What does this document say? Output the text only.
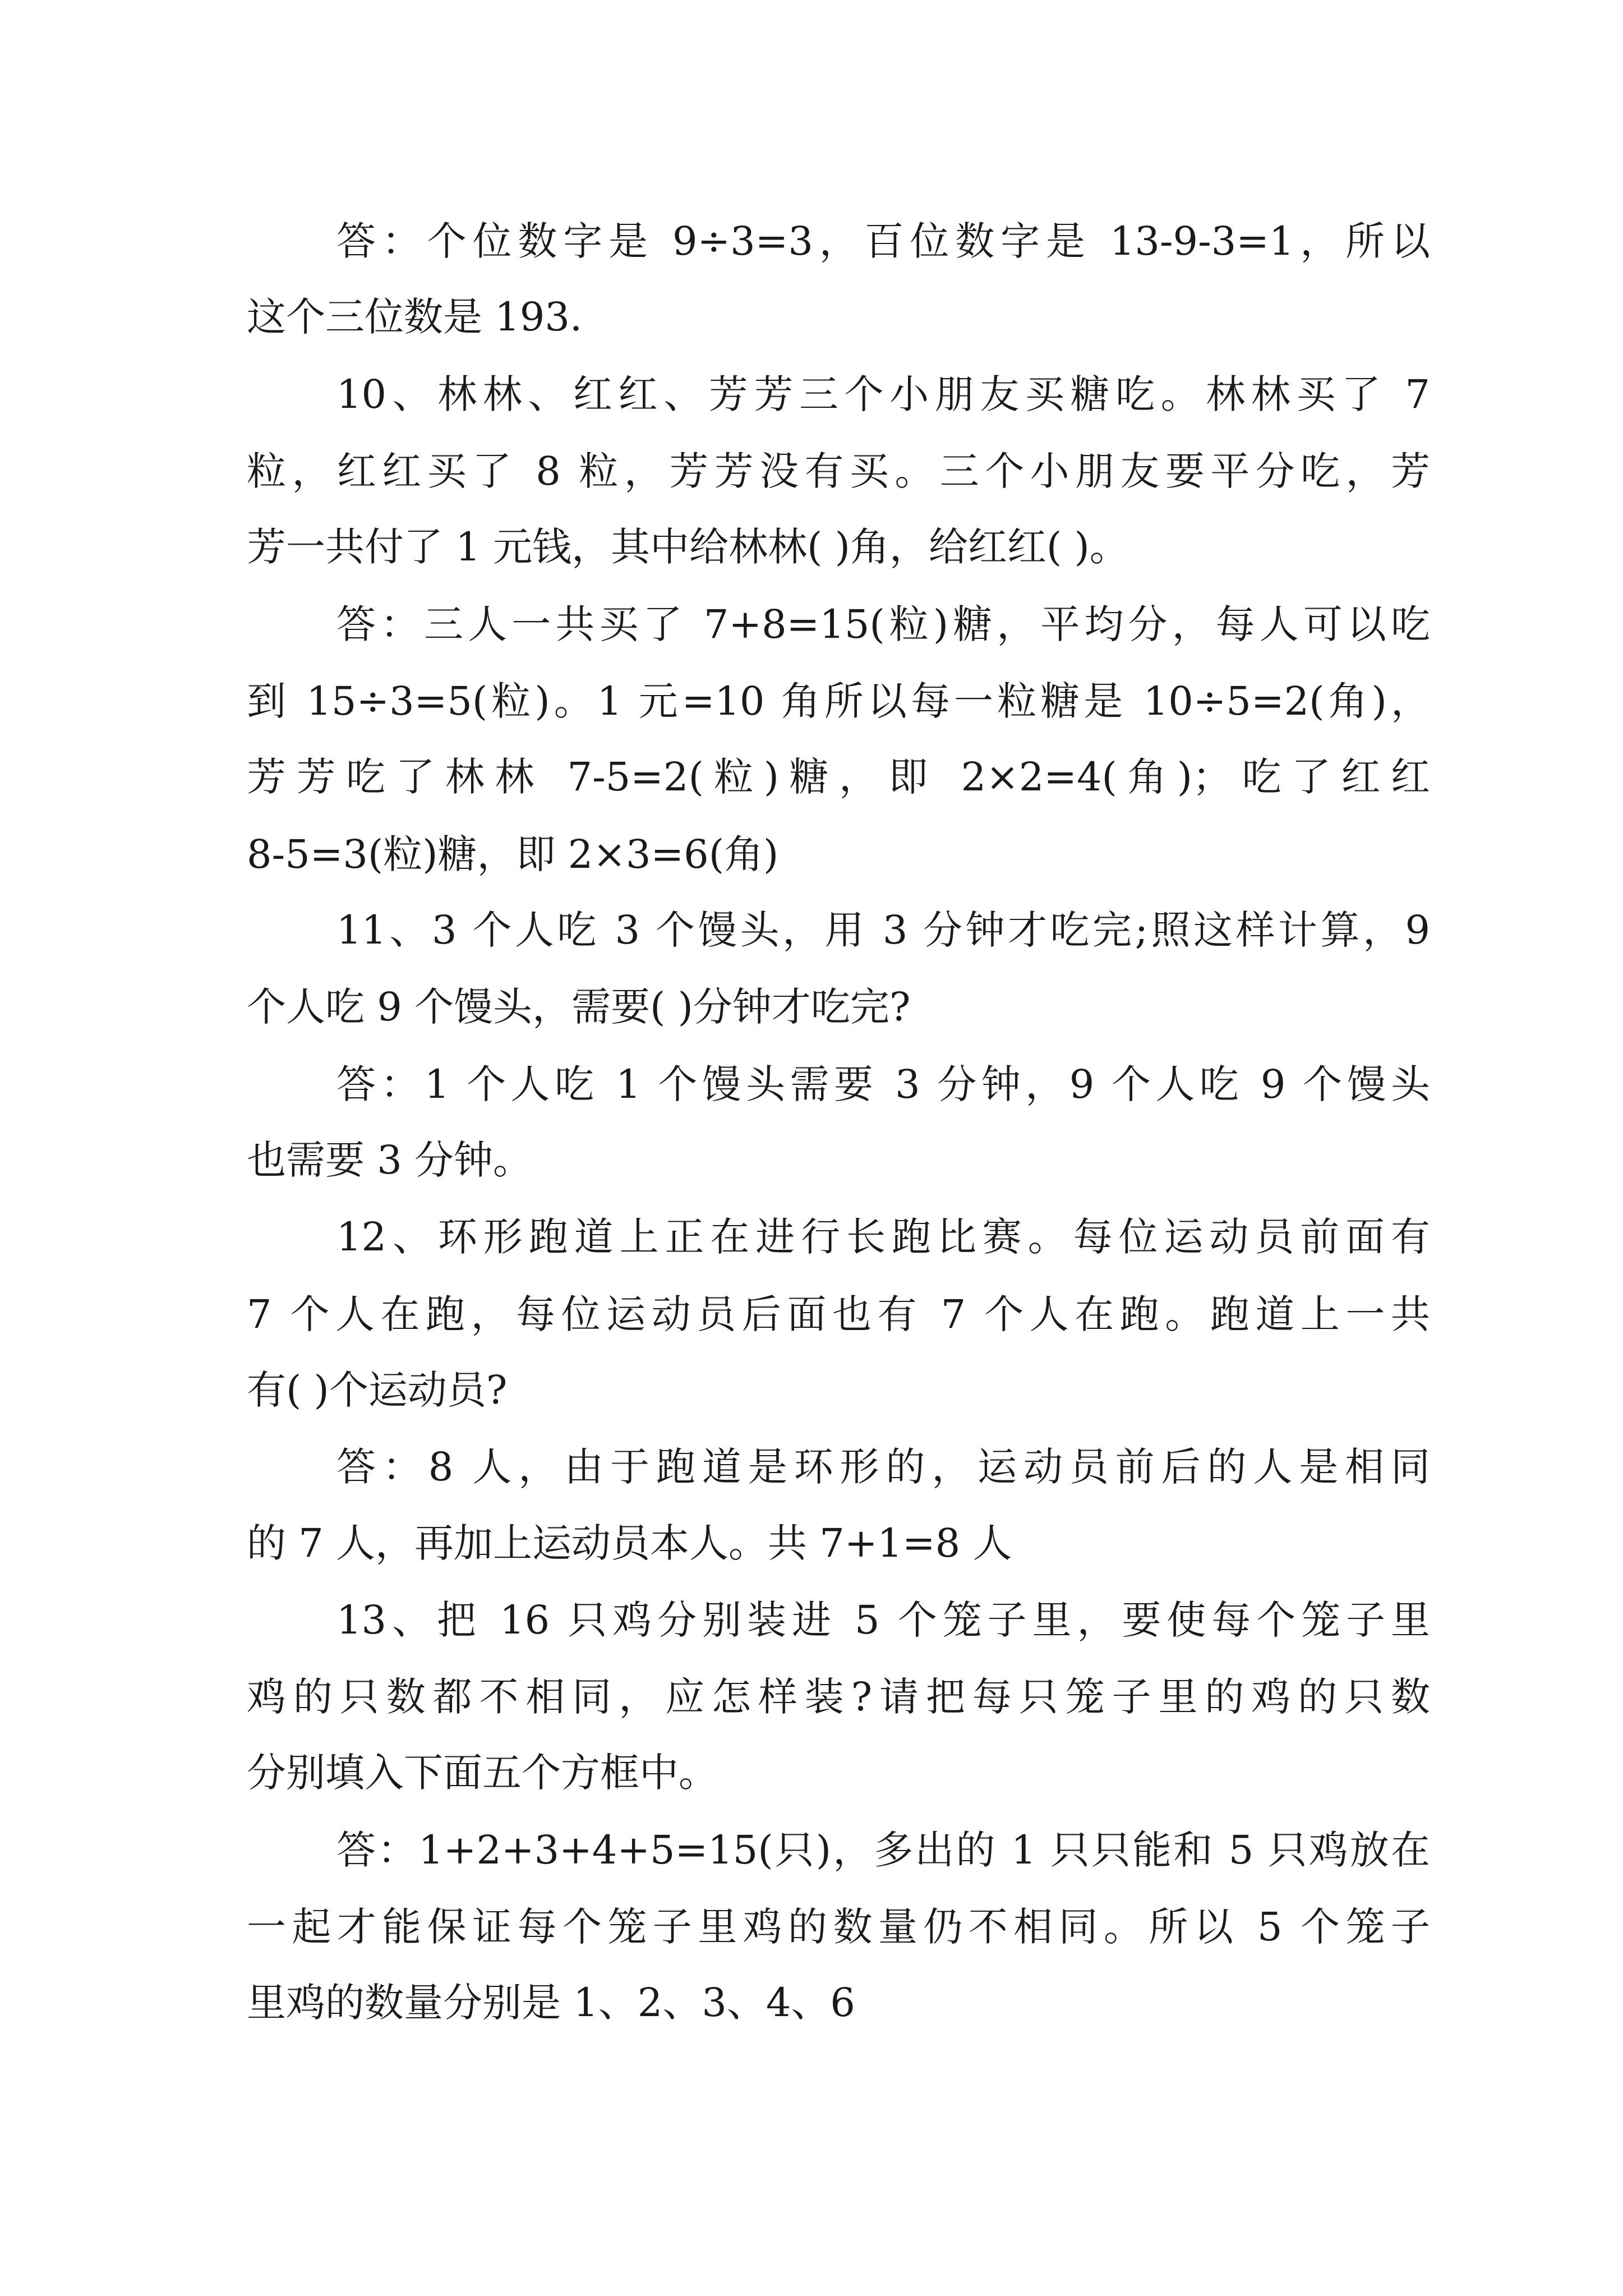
答：个位数字是 9÷3=3，百位数字是 13-9-3=1，所以
这个三位数是 193.
10、林林、红红、芳芳三个小朋友买糖吃。林林买了 7
粒，红红买了 8 粒，芳芳没有买。三个小朋友要平分吃，芳
芳一共付了 1 元钱，其中给林林( )角，给红红( )。
答：三人一共买了 7+8=15(粒)糖，平均分，每人可以吃
到 15÷3=5(粒)。1 元=10 角所以每一粒糖是 10÷5=2(角)，
芳芳吃了林林 7-5=2(粒)糖，即 2×2=4(角)；吃了红红
8-5=3(粒)糖，即 2×3=6(角)
11、3 个人吃 3 个馒头，用 3 分钟才吃完;照这样计算，9
个人吃 9 个馒头，需要( )分钟才吃完?
答：1 个人吃 1 个馒头需要 3 分钟，9 个人吃 9 个馒头
也需要 3 分钟。
12、环形跑道上正在进行长跑比赛。每位运动员前面有
7 个人在跑，每位运动员后面也有 7 个人在跑。跑道上一共
有( )个运动员?
答：8 人，由于跑道是环形的，运动员前后的人是相同
的 7 人，再加上运动员本人。共 7+1=8 人
13、把 16 只鸡分别装进 5 个笼子里，要使每个笼子里
鸡的只数都不相同，应怎样装?请把每只笼子里的鸡的只数
分别填入下面五个方框中。
答：1+2+3+4+5=15(只)，多出的 1 只只能和 5 只鸡放在
一起才能保证每个笼子里鸡的数量仍不相同。所以 5 个笼子
里鸡的数量分别是 1、2、3、4、6
